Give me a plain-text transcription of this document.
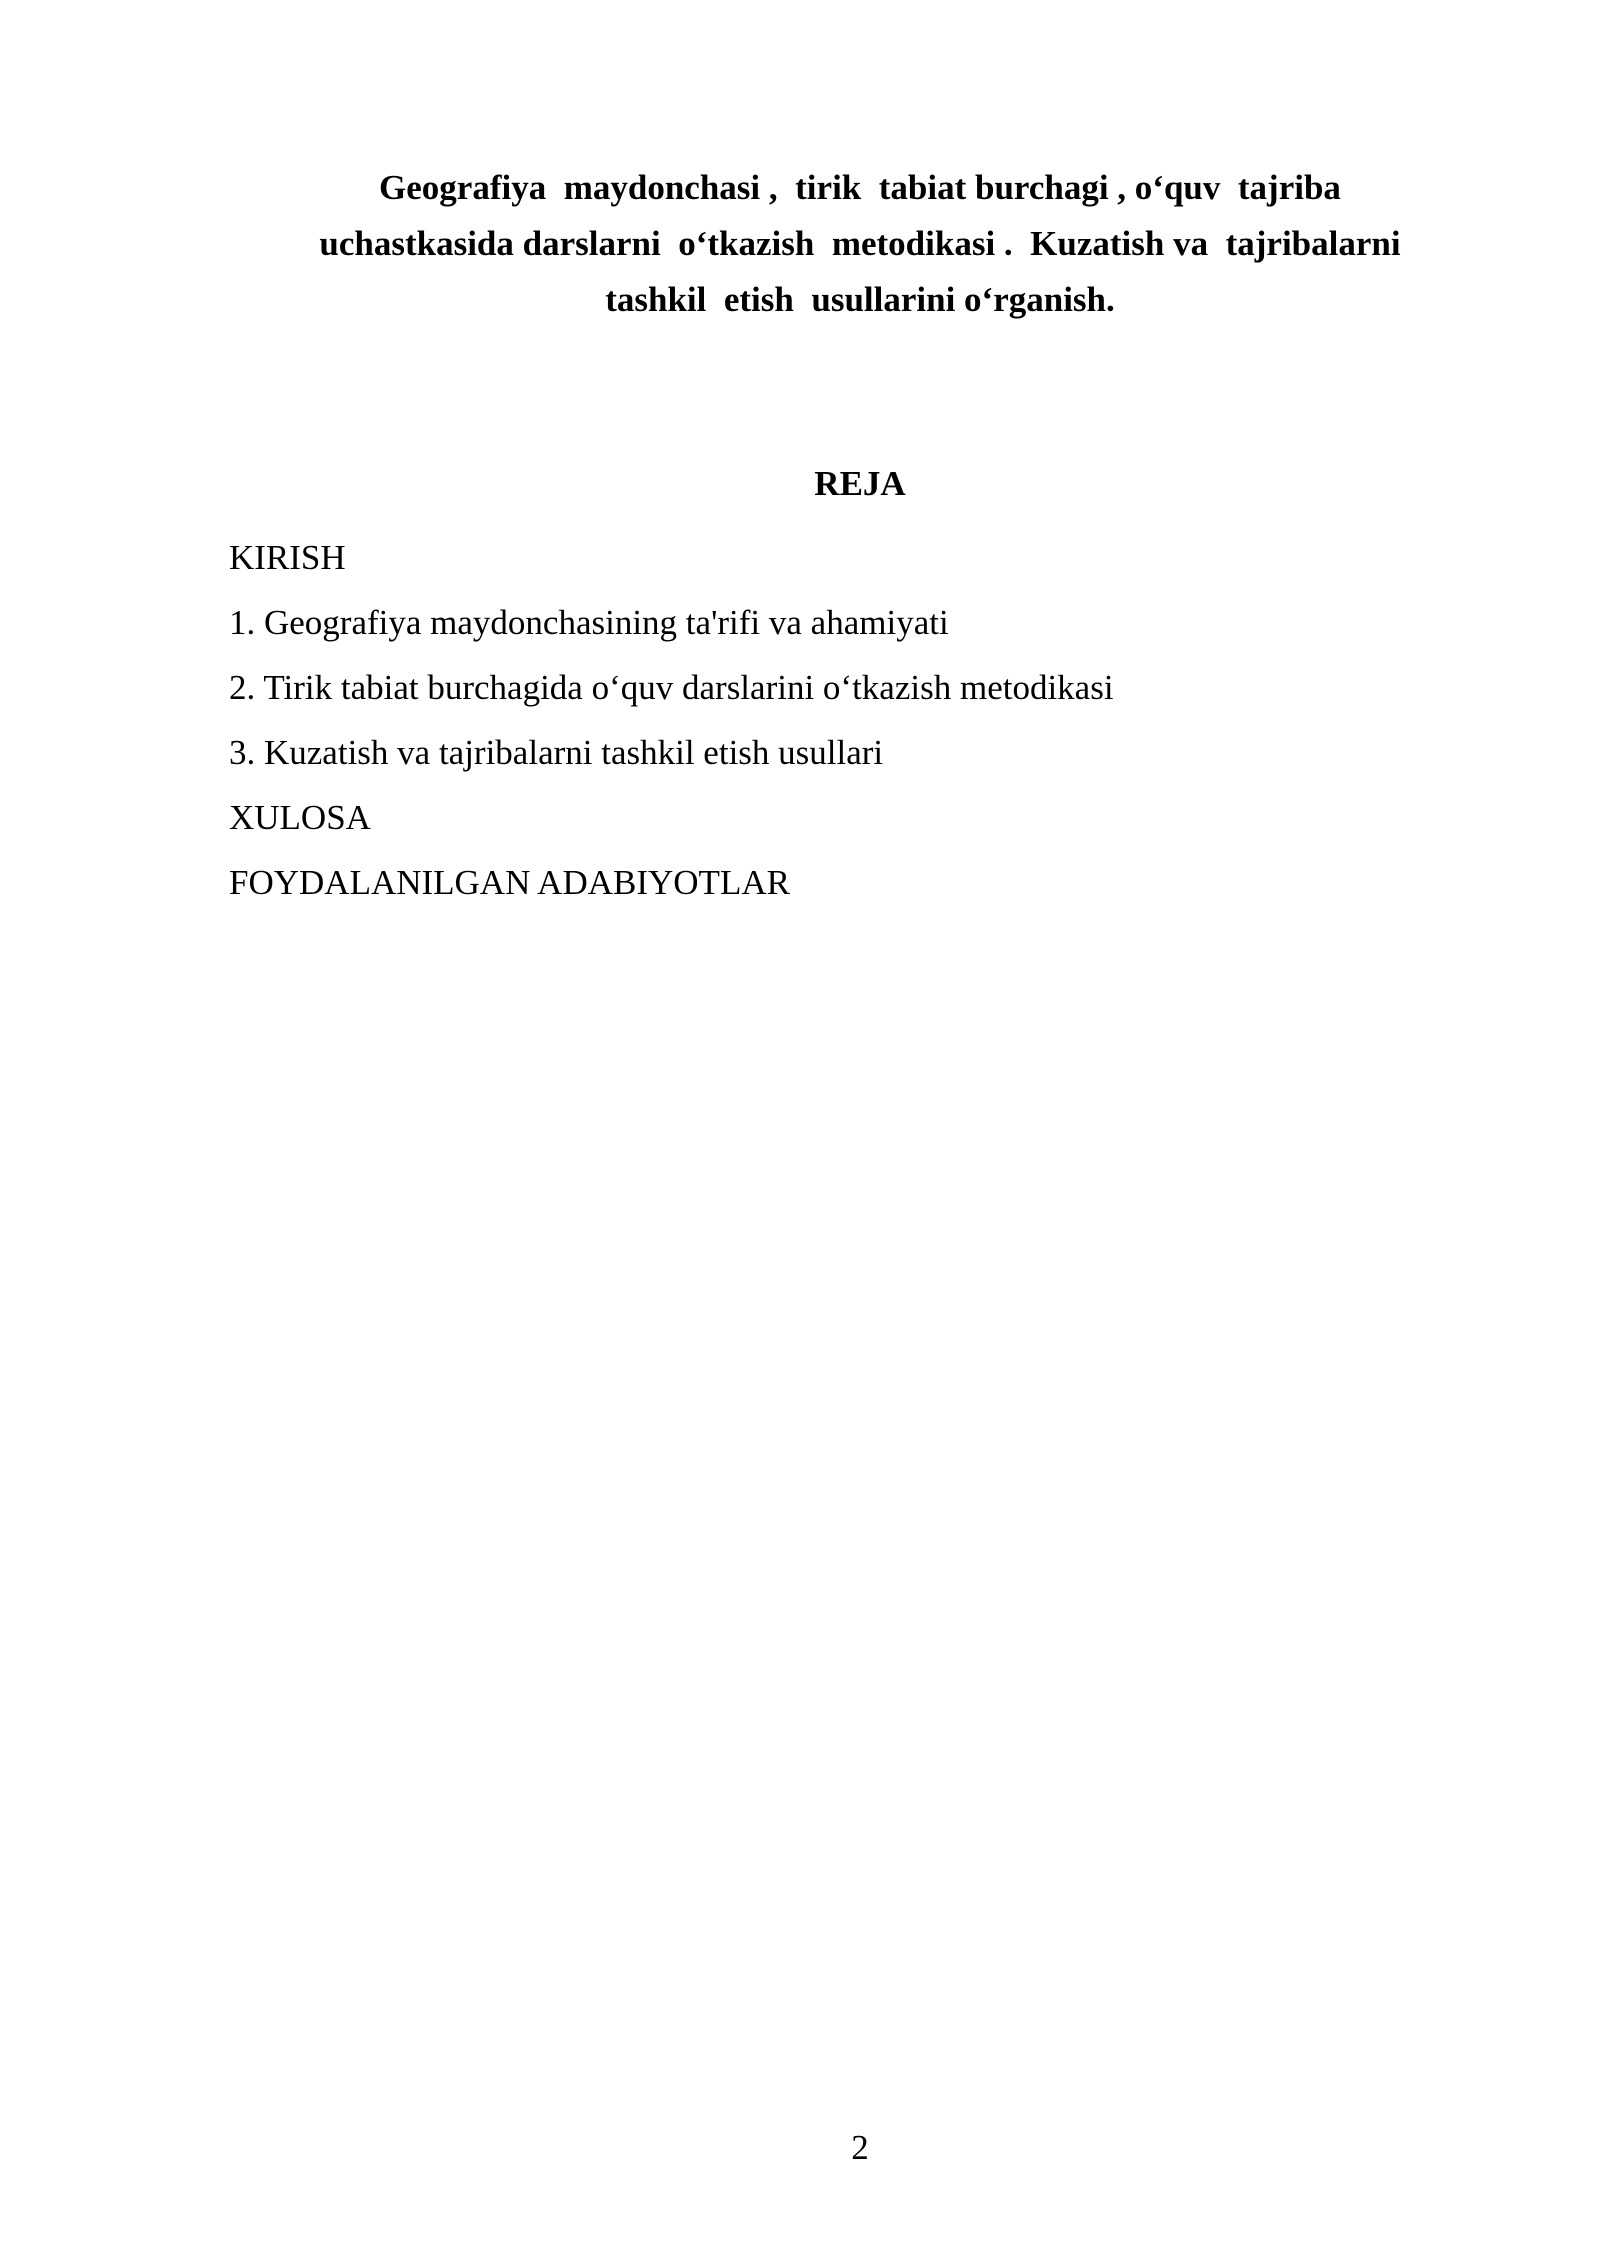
Geografiya  maydonchasi ,  tirik  tabiat burchagi , o‘quv  tajriba
uchastkasida darslarni  o‘tkazish  metodikasi .  Kuzatish va  tajribalarni
tashkil  etish  usullarini o‘rganish.
REJA
KIRISH
1. Geografiya maydonchasining ta'rifi va ahamiyati
2. Tirik tabiat burchagida o‘quv darslarini o‘tkazish metodikasi
3. Kuzatish va tajribalarni tashkil etish usullari
XULOSA
FOYDALANILGAN ADABIYOTLAR
2
